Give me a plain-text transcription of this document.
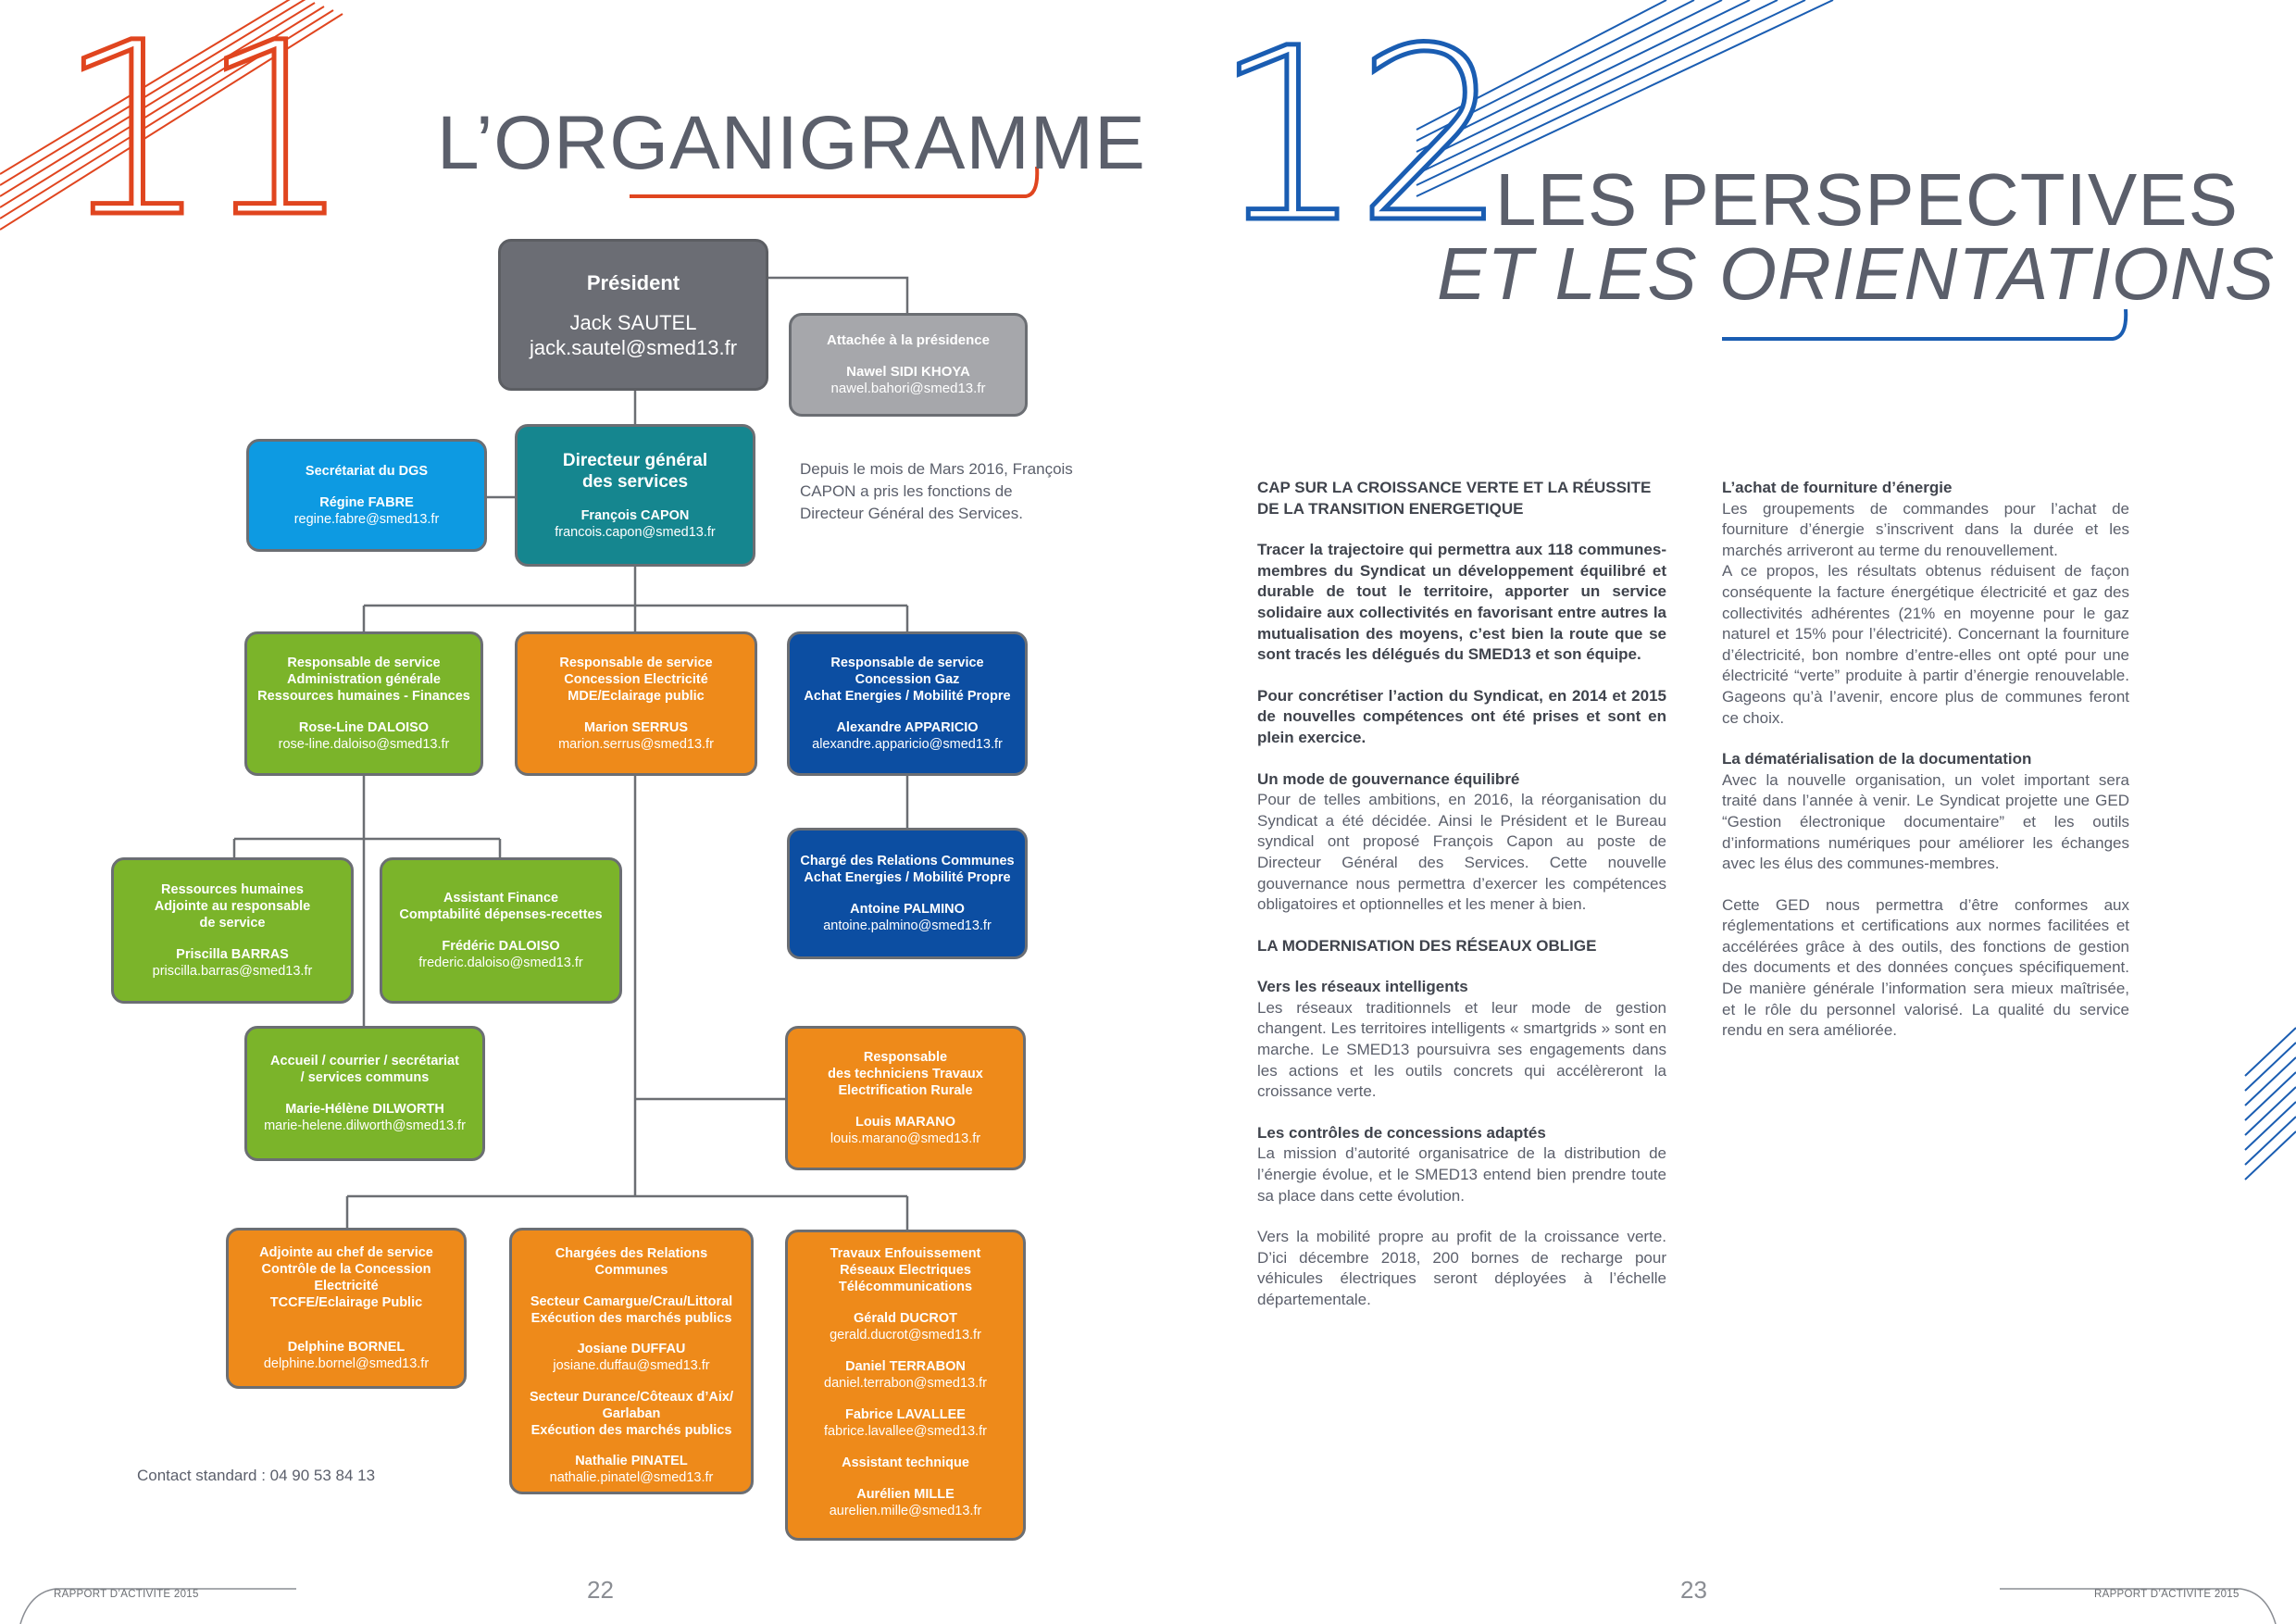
11	12
L’ORGANIGRAMME
LES PERSPECTIVES
ET LES ORIENTATIONS
Président
Jack SAUTEL
jack.sautel@smed13.fr	Attachée à la présidence
Nawel SIDI KHOYA
nawel.bahori@smed13.fr
Secrétariat du DGS
Régine FABRE
regine.fabre@smed13.fr
Directeur général
des services
François CAPON
francois.capon@smed13.fr
Depuis le mois de Mars 2016, François CAPON a pris les fonctions de Directeur Général des Services.
Responsable de service
Administration générale
Ressources humaines - Finances
Rose-Line DALOISO
rose-line.daloiso@smed13.fr
Responsable de service
Concession Electricité
MDE/Eclairage public
Marion SERRUS
marion.serrus@smed13.fr
Responsable de service
Concession Gaz
Achat Energies / Mobilité Propre
Alexandre APPARICIO
alexandre.apparicio@smed13.fr
Chargé des Relations Communes
Achat Energies / Mobilité Propre
Antoine PALMINO
antoine.palmino@smed13.fr
Ressources humaines
Adjointe au responsable
de service
Priscilla BARRAS
priscilla.barras@smed13.fr
Assistant Finance
Comptabilité dépenses-recettes
Frédéric DALOISO
frederic.daloiso@smed13.fr
Accueil / courrier / secrétariat
/ services communs
Marie-Hélène DILWORTH
marie-helene.dilworth@smed13.fr
Responsable
des techniciens Travaux
Electrification Rurale
Louis MARANO
louis.marano@smed13.fr
Adjointe au chef de service
Contrôle de la Concession Electricité
TCCFE/Eclairage Public
Delphine BORNEL
delphine.bornel@smed13.fr
Chargées des Relations Communes
Secteur Camargue/Crau/Littoral
Exécution des marchés publics
Josiane DUFFAU
josiane.duffau@smed13.fr
Secteur Durance/Côteaux d’Aix/
Garlaban
Exécution des marchés publics
Nathalie PINATEL
nathalie.pinatel@smed13.fr
Travaux Enfouissement
Réseaux Electriques
Télécommunications
Gérald DUCROT
gerald.ducrot@smed13.fr
Daniel TERRABON
daniel.terrabon@smed13.fr
Fabrice LAVALLEE
fabrice.lavallee@smed13.fr
Assistant technique
Aurélien MILLE
aurelien.mille@smed13.fr
Contact standard : 04 90 53 84 13
RAPPORT D’ACTIVITE 2015	22	23	RAPPORT D’ACTIVITE 2015

CAP SUR LA CROISSANCE VERTE ET LA RÉUSSITE

DE LA TRANSITION ENERGETIQUE

Tracer la trajectoire qui permettra aux 118 communes-membres du Syndicat un développement équilibré et durable de tout le territoire, apporter un service solidaire aux collectivités en favorisant entre autres la mutualisation des moyens, c’est bien la route que se sont tracés les délégués du SMED13 et son équipe.

Pour concrétiser l’action du Syndicat, en 2014 et 2015 de nouvelles compétences ont été prises et sont en plein exercice.

Un mode de gouvernance équilibré

Pour de telles ambitions, en 2016, la réorganisation du Syndicat a été décidée. Ainsi le Président et le Bureau syndical ont proposé François Capon au poste de Directeur Général des Services. Cette nouvelle gouvernance nous permettra d’exercer les compétences obligatoires et optionnelles et les mener à bien.

LA MODERNISATION DES RÉSEAUX OBLIGE

Vers les réseaux intelligents

Les réseaux traditionnels et leur mode de gestion changent. Les territoires intelligents « smartgrids » sont en marche. Le SMED13 poursuivra ses engagements dans les actions et les outils concrets qui accélèreront la croissance verte.

Les contrôles de concessions adaptés

La mission d’autorité organisatrice de la distribution de l’énergie évolue, et le SMED13 entend bien prendre toute sa place dans cette évolution.

Vers la mobilité propre au profit de la croissance verte. D’ici décembre 2018, 200 bornes de recharge pour véhicules électriques seront déployées à l’échelle départementale.

L’achat de fourniture d’énergie

Les groupements de commandes pour l’achat de fourniture d’énergie s’inscrivent dans la durée et les marchés arriveront au terme du renouvellement.

A ce propos, les résultats obtenus réduisent de façon conséquente la facture énergétique électricité et gaz des collectivités adhérentes (21% en moyenne pour le gaz naturel et 15% pour l’électricité). Concernant la fourniture d’électricité, bon nombre d’entre-elles ont opté pour une électricité “verte” produite à partir d’énergie renouvelable. Gageons qu’à l’avenir, encore plus de communes feront ce choix.

La dématérialisation de la documentation

Avec la nouvelle organisation, un volet important sera traité dans l’année à venir. Le Syndicat projette une GED “Gestion électronique documentaire” et les outils d’informations numériques pour améliorer les échanges avec les élus des communes-membres.

Cette GED nous permettra d’être conformes aux réglementations et certifications aux normes facilitées et accélérées grâce à des outils, des fonctions de gestion des documents et des données conçues spécifiquement. De manière générale l’information sera mieux maîtrisée, et le rôle du personnel valorisé. La qualité du service rendu en sera améliorée.
